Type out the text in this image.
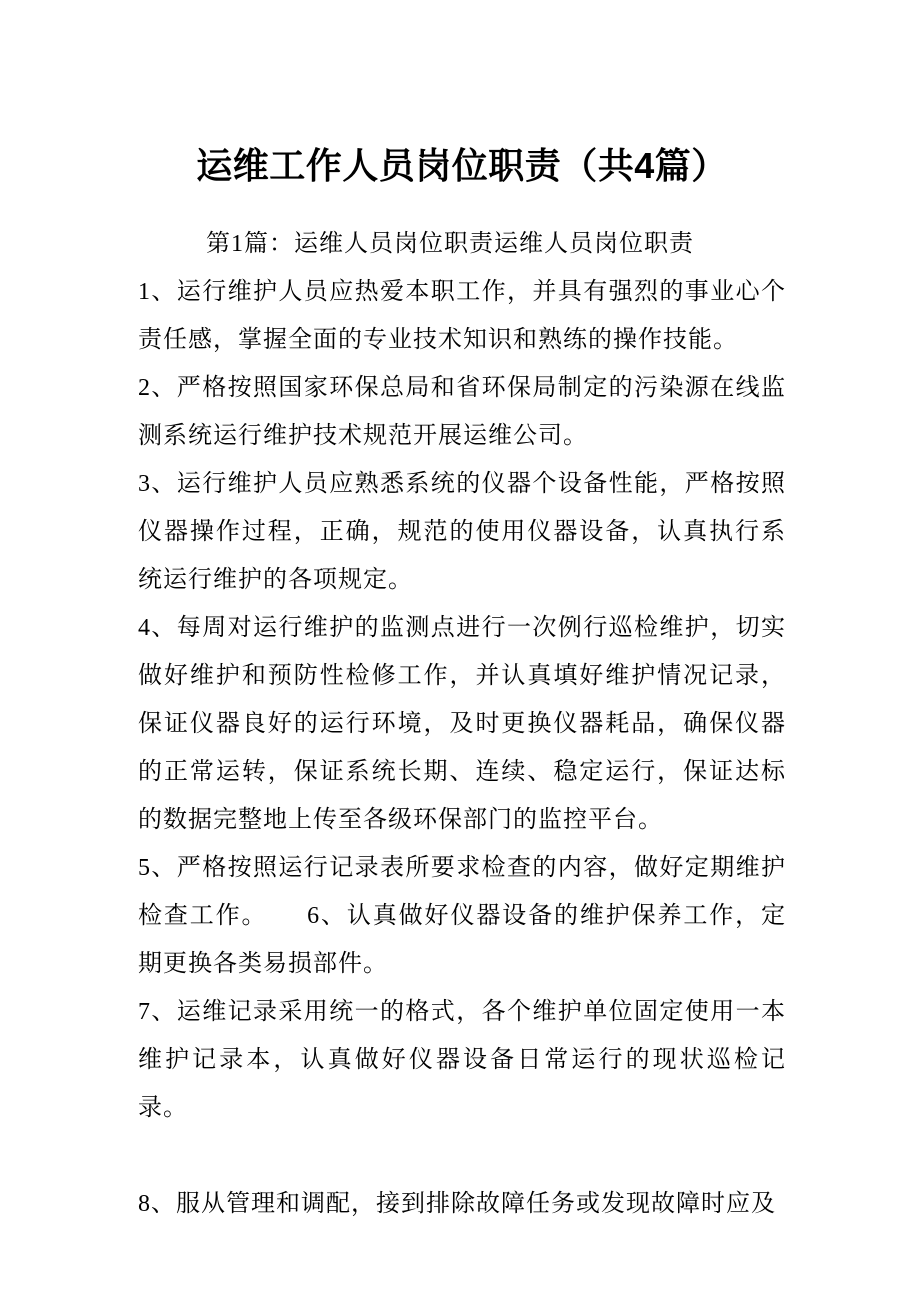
运维工作人员岗位职责（共4篇）

第1篇：运维人员岗位职责运维人员岗位职责

1、运行维护人员应热爱本职工作，并具有强烈的事业心个责任感，掌握全面的专业技术知识和熟练的操作技能。

2、严格按照国家环保总局和省环保局制定的污染源在线监测系统运行维护技术规范开展运维公司。

3、运行维护人员应熟悉系统的仪器个设备性能，严格按照仪器操作过程，正确，规范的使用仪器设备，认真执行系统运行维护的各项规定。

4、每周对运行维护的监测点进行一次例行巡检维护，切实做好维护和预防性检修工作，并认真填好维护情况记录，保证仪器良好的运行环境，及时更换仪器耗品，确保仪器的正常运转，保证系统长期、连续、稳定运行，保证达标的数据完整地上传至各级环保部门的监控平台。

5、严格按照运行记录表所要求检查的内容，做好定期维护检查工作。　　6、认真做好仪器设备的维护保养工作，定期更换各类易损部件。

7、运维记录采用统一的格式，各个维护单位固定使用一本维护记录本，认真做好仪器设备日常运行的现状巡检记录。

8、服从管理和调配，接到排除故障任务或发现故障时应及
